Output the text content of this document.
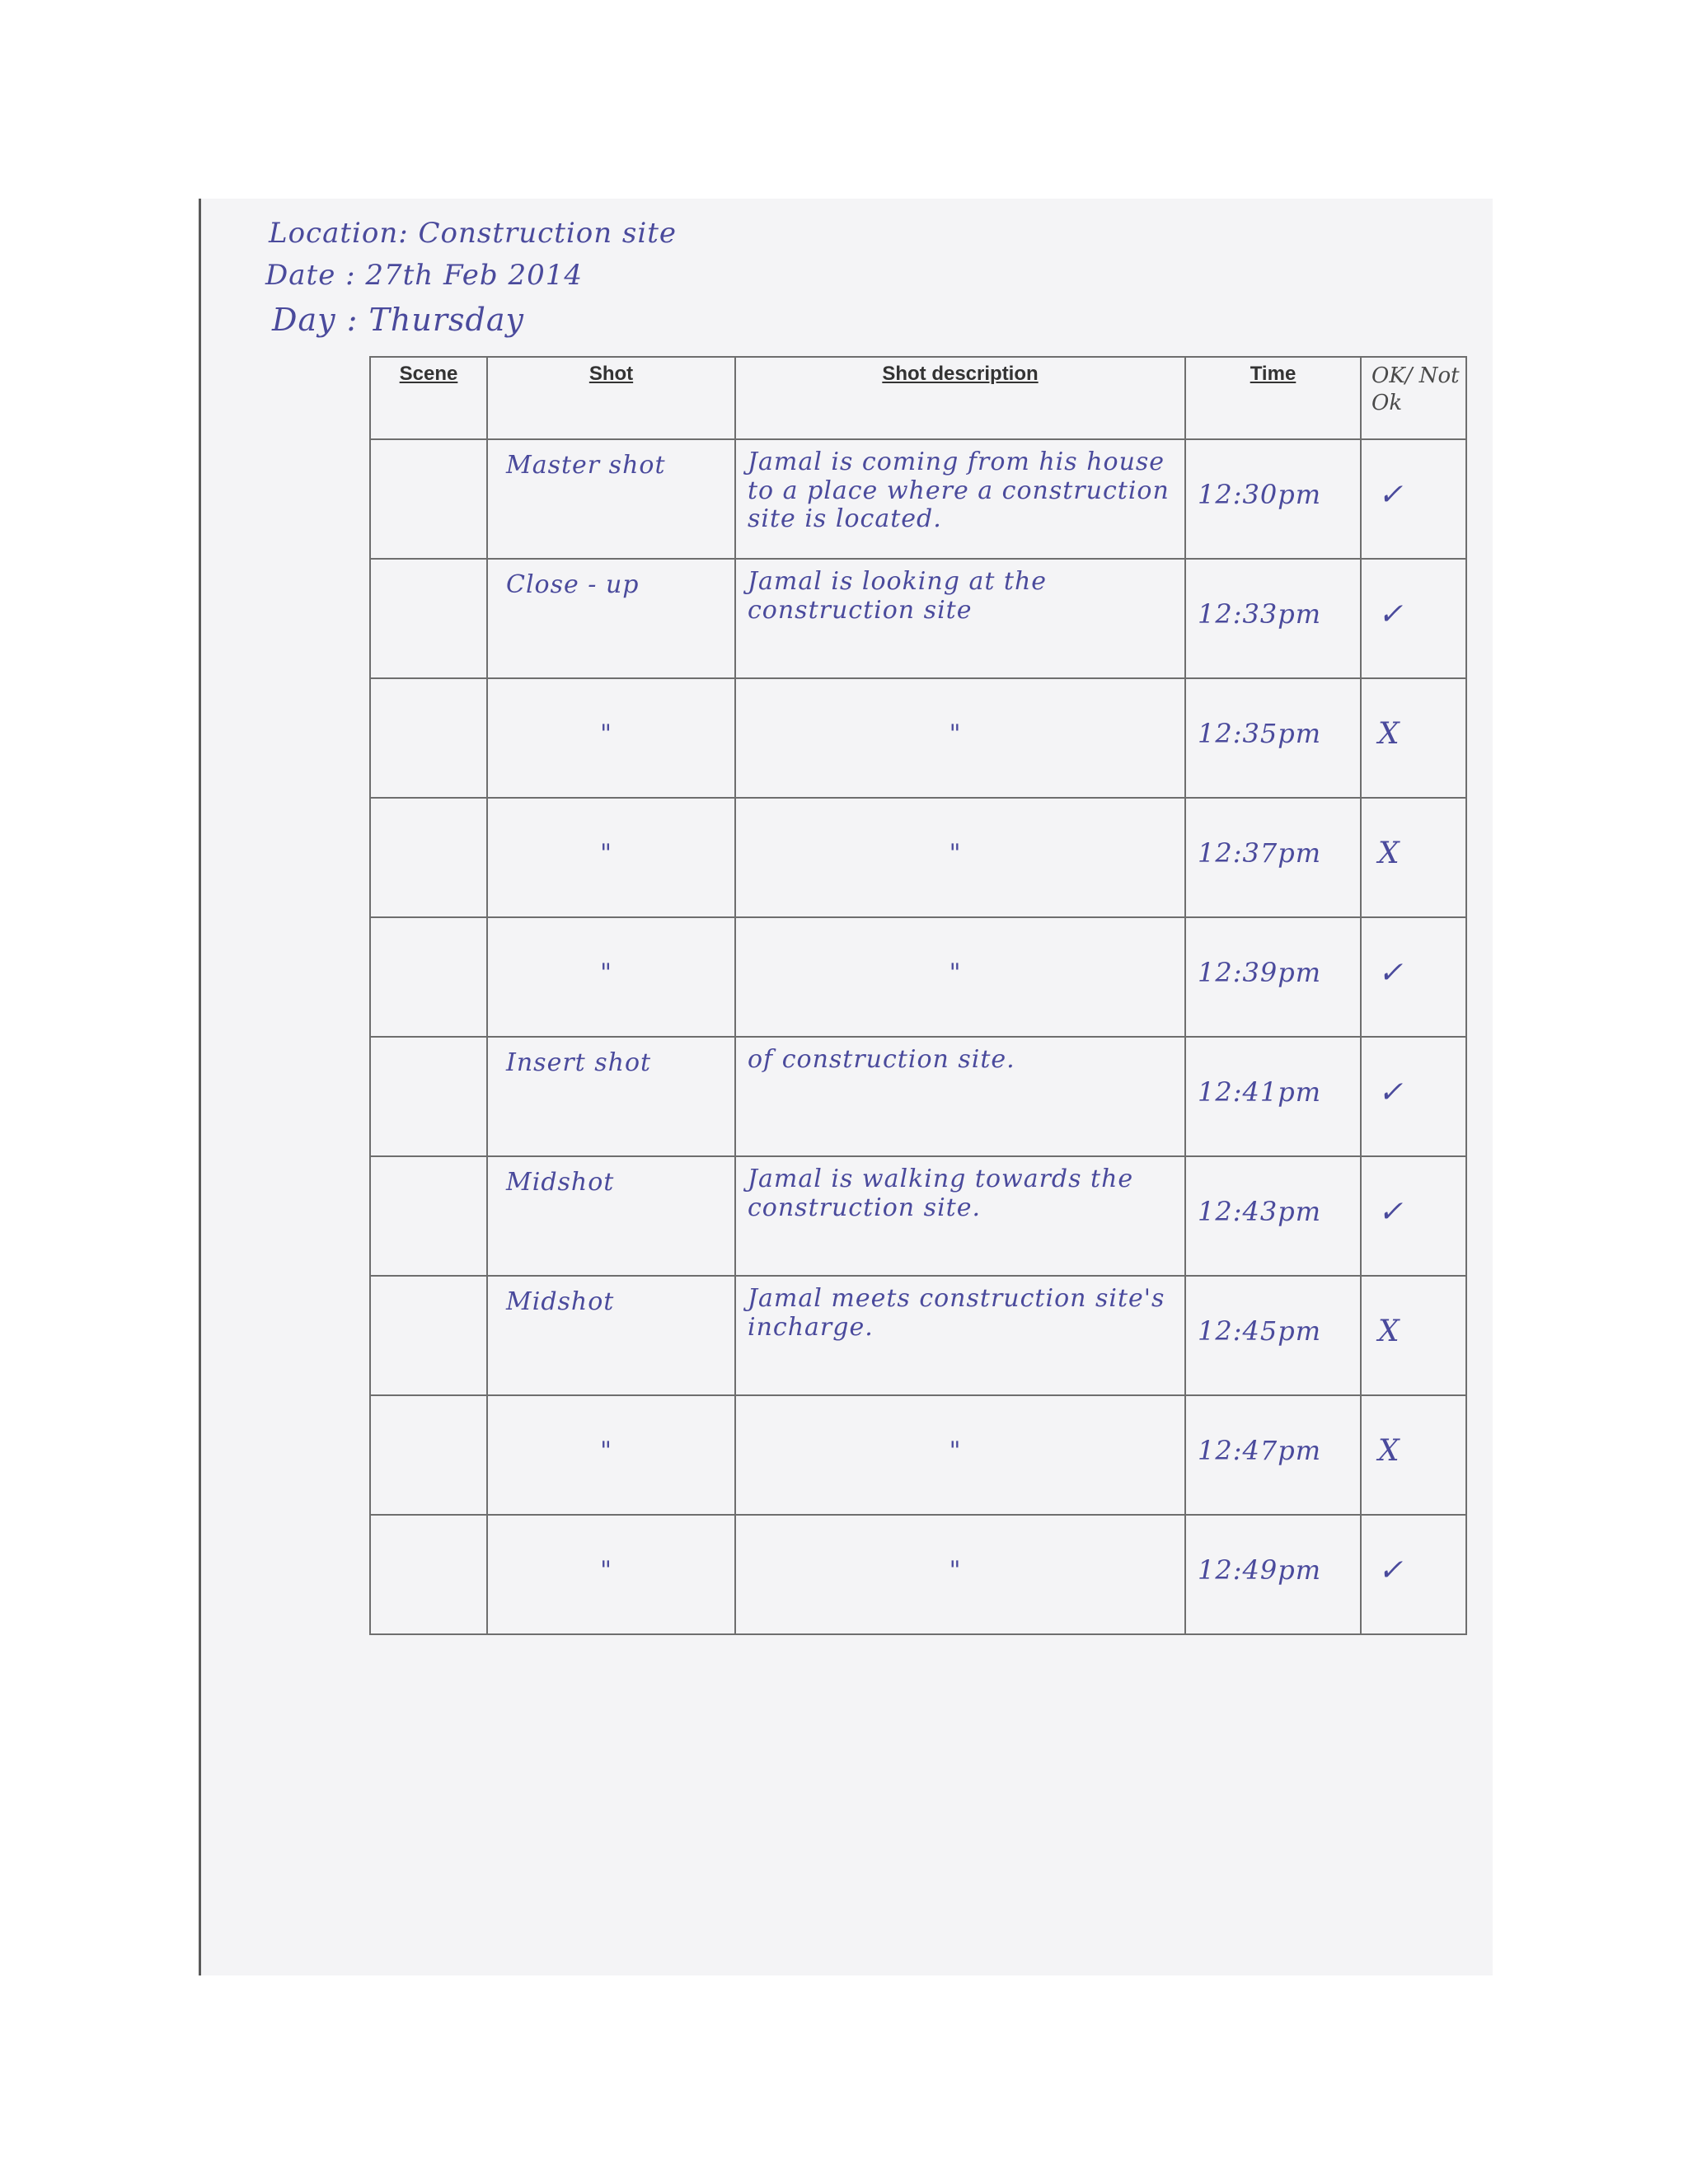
Location: Construction site
Date : 27th Feb 2014
Day : Thursday
Scene	Shot	Shot description	Time	OK/ Not Ok

	Master shot	Jamal is coming from his house to a place where a construction site is located.	12:30pm	✓

	Close - up	Jamal is looking at the construction site	12:33pm	✓

	"	"	12:35pm	X

	"	"	12:37pm	X

	"	"	12:39pm	✓

	Insert shot	of construction site.	12:41pm	✓

	Midshot	Jamal is walking towards the construction site.	12:43pm	✓

	Midshot	Jamal meets construction site's incharge.	12:45pm	X

	"	"	12:47pm	X

	"	"	12:49pm	✓
